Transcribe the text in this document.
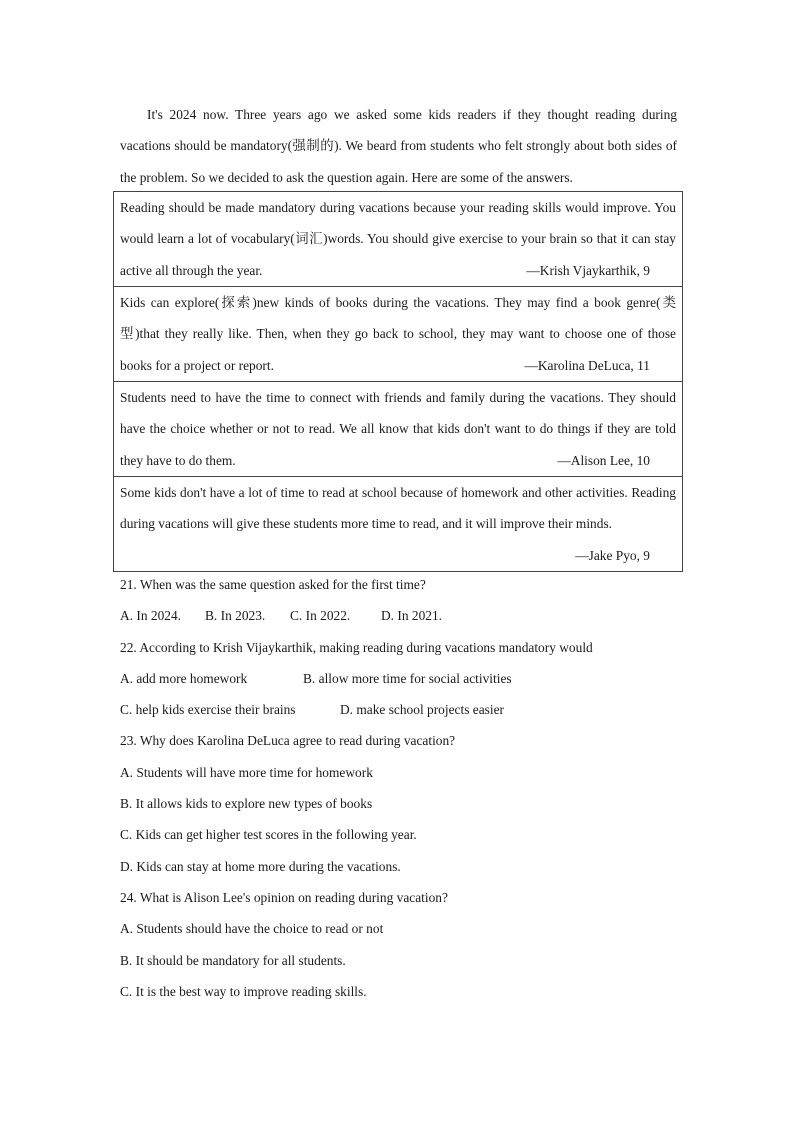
It's 2024 now. Three years ago we asked some kids readers if they thought reading during vacations should be mandatory(强制的). We beard from students who felt strongly about both sides of the problem. So we decided to ask the question again. Here are some of the answers.

Reading should be made mandatory during vacations because your reading skills would improve. You would learn a lot of vocabulary(词汇)words. You should give exercise to your brain so that it can stay active all through the year.	—Krish Vjaykarthik, 9

Kids can explore(探索)new kinds of books during the vacations. They may find a book genre(类型)that they really like. Then, when they go back to school, they may want to choose one of those books for a project or report.	—Karolina DeLuca, 11

Students need to have the time to connect with friends and family during the vacations. They should have the choice whether or not to read. We all know that kids don't want to do things if they are told they have to do them.	—Alison Lee, 10

Some kids don't have a lot of time to read at school because of homework and other activities. Reading during vacations will give these students more time to read, and it will improve their minds.
—Jake Pyo, 9
21. When was the same question asked for the first time?
A. In 2024. B. In 2023. C. In 2022. D. In 2021.
22. According to Krish Vijaykarthik, making reading during vacations mandatory would
A. add more homework	B. allow more time for social activities
C. help kids exercise their brains	D. make school projects easier
23. Why does Karolina DeLuca agree to read during vacation?
A. Students will have more time for homework
B. It allows kids to explore new types of books
C. Kids can get higher test scores in the following year.
D. Kids can stay at home more during the vacations.
24. What is Alison Lee's opinion on reading during vacation?
A. Students should have the choice to read or not
B. It should be mandatory for all students.
C. It is the best way to improve reading skills.
